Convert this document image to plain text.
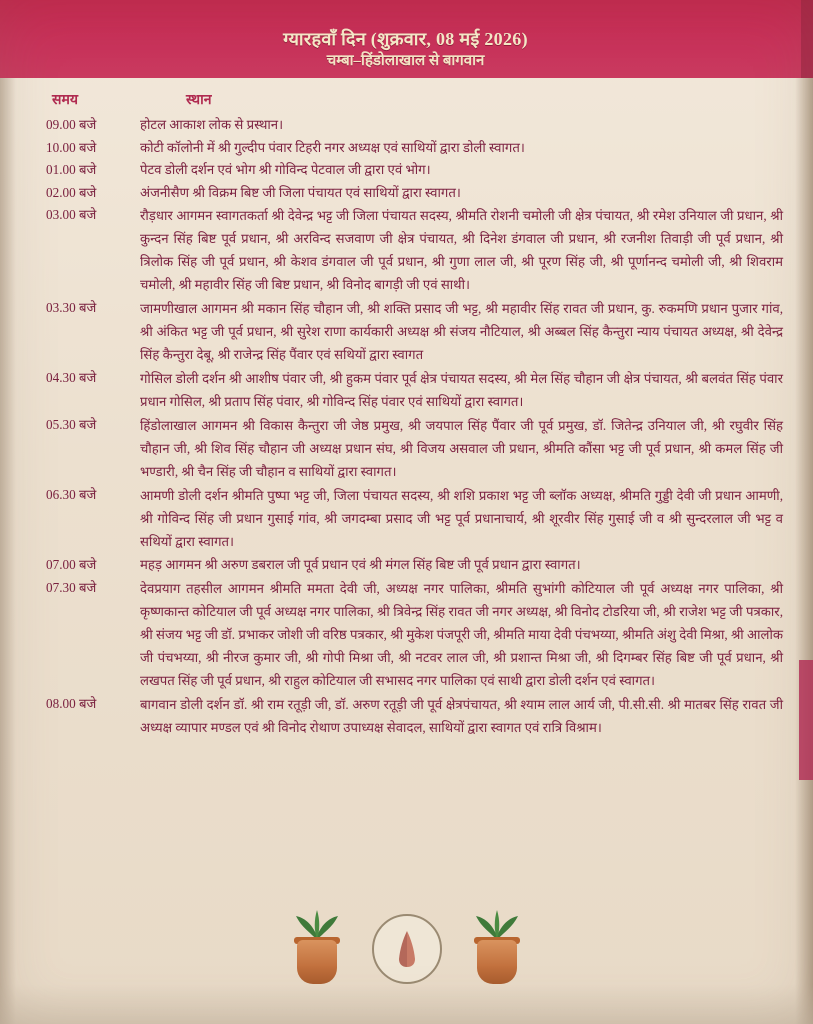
ग्यारहवाँ दिन (शुक्रवार, 08 मई 2026)
चम्बा–हिंडोलाखाल से बागवान
समय	स्थान
09.00 बजे	होटल आकाश लोक से प्रस्थान।
10.00 बजे	कोटी कॉलोनी में श्री गुल्दीप पंवार टिहरी नगर अध्यक्ष एवं साथियों द्वारा डोली स्वागत।
01.00 बजे	पेटव डोली दर्शन एवं भोग श्री गोविन्द पेटवाल जी द्वारा एवं भोग।
02.00 बजे	अंजनीसैण श्री विक्रम बिष्ट जी जिला पंचायत एवं साथियों द्वारा स्वागत।
03.00 बजे	रौड़धार आगमन स्वागतकर्ता श्री देवेन्द्र भट्ट जी जिला पंचायत सदस्य, श्रीमति रोशनी चमोली जी क्षेत्र पंचायत, श्री रमेश उनियाल जी प्रधान, श्री कुन्दन सिंह बिष्ट पूर्व प्रधान, श्री अरविन्द सजवाण जी क्षेत्र पंचायत, श्री दिनेश डंगवाल जी प्रधान, श्री रजनीश तिवाड़ी जी पूर्व प्रधान, श्री त्रिलोक सिंह जी पूर्व प्रधान, श्री केशव डंगवाल जी पूर्व प्रधान, श्री गुणा लाल जी, श्री पूरण सिंह जी, श्री पूर्णानन्द चमोली जी, श्री शिवराम चमोली, श्री महावीर सिंह जी बिष्ट प्रधान, श्री विनोद बागड़ी जी एवं साथी।
03.30 बजे	जामणीखाल आगमन श्री मकान सिंह चौहान जी, श्री शक्ति प्रसाद जी भट्ट, श्री महावीर सिंह रावत जी प्रधान, कु. रुकमणि प्रधान पुजार गांव, श्री अंकित भट्ट जी पूर्व प्रधान, श्री सुरेश राणा कार्यकारी अध्यक्ष श्री संजय नौटियाल, श्री अब्बल सिंह कैन्तुरा न्याय पंचायत अध्यक्ष, श्री देवेन्द्र सिंह कैन्तुरा देबू, श्री राजेन्द्र सिंह पैंवार एवं सथियों द्वारा स्वागत
04.30 बजे	गोसिल डोली दर्शन श्री आशीष पंवार जी, श्री हुकम पंवार पूर्व क्षेत्र पंचायत सदस्य, श्री मेल सिंह चौहान जी क्षेत्र पंचायत, श्री बलवंत सिंह पंवार प्रधान गोसिल, श्री प्रताप सिंह पंवार, श्री गोविन्द सिंह पंवार एवं साथियों द्वारा स्वागत।
05.30 बजे	हिंडोलाखाल आगमन श्री विकास कैन्तुरा जी जेष्ठ प्रमुख, श्री जयपाल सिंह पैंवार जी पूर्व प्रमुख, डॉ. जितेन्द्र उनियाल जी, श्री रघुवीर सिंह चौहान जी, श्री शिव सिंह चौहान जी अध्यक्ष प्रधान संघ, श्री विजय असवाल जी प्रधान, श्रीमति कौंसा भट्ट जी पूर्व प्रधान, श्री कमल सिंह जी भण्डारी, श्री चैन सिंह जी चौहान व साथियों द्वारा स्वागत।
06.30 बजे	आमणी डोली दर्शन श्रीमति पुष्पा भट्ट जी, जिला पंचायत सदस्य, श्री शशि प्रकाश भट्ट जी ब्लॉक अध्यक्ष, श्रीमति गुड्डी देवी जी प्रधान आमणी, श्री गोविन्द सिंह जी प्रधान गुसाई गांव, श्री जगदम्बा प्रसाद जी भट्ट पूर्व प्रधानाचार्य, श्री शूरवीर सिंह गुसाई जी व श्री सुन्दरलाल जी भट्ट व सथियों द्वारा स्वागत।
07.00 बजे	महड़ आगमन श्री अरुण डबराल जी पूर्व प्रधान एवं श्री मंगल सिंह बिष्ट जी पूर्व प्रधान द्वारा स्वागत।
07.30 बजे	देवप्रयाग तहसील आगमन श्रीमति ममता देवी जी, अध्यक्ष नगर पालिका, श्रीमति सुभांगी कोटियाल जी पूर्व अध्यक्ष नगर पालिका, श्री कृष्णकान्त कोटियाल जी पूर्व अध्यक्ष नगर पालिका, श्री त्रिवेन्द्र सिंह रावत जी नगर अध्यक्ष, श्री विनोद टोडरिया जी, श्री राजेश भट्ट जी पत्रकार, श्री संजय भट्ट जी डॉ. प्रभाकर जोशी जी वरिष्ठ पत्रकार, श्री मुकेश पंजपूरी जी, श्रीमति माया देवी पंचभय्या, श्रीमति अंशु देवी मिश्रा, श्री आलोक जी पंचभय्या, श्री नीरज कुमार जी, श्री गोपी मिश्रा जी, श्री नटवर लाल जी, श्री प्रशान्त मिश्रा जी, श्री दिगम्बर सिंह बिष्ट जी पूर्व प्रधान, श्री लखपत सिंह जी पूर्व प्रधान, श्री राहुल कोटियाल जी सभासद नगर पालिका एवं साथी द्वारा डोली दर्शन एवं स्वागत।
08.00 बजे	बागवान डोली दर्शन डॉ. श्री राम रतूड़ी जी, डॉ. अरुण रतूड़ी जी पूर्व क्षेत्रपंचायत, श्री श्याम लाल आर्य जी, पी.सी.सी. श्री मातबर सिंह रावत जी अध्यक्ष व्यापार मण्डल एवं श्री विनोद रोथाण उपाध्यक्ष सेवादल, साथियों द्वारा स्वागत एवं रात्रि विश्राम।
